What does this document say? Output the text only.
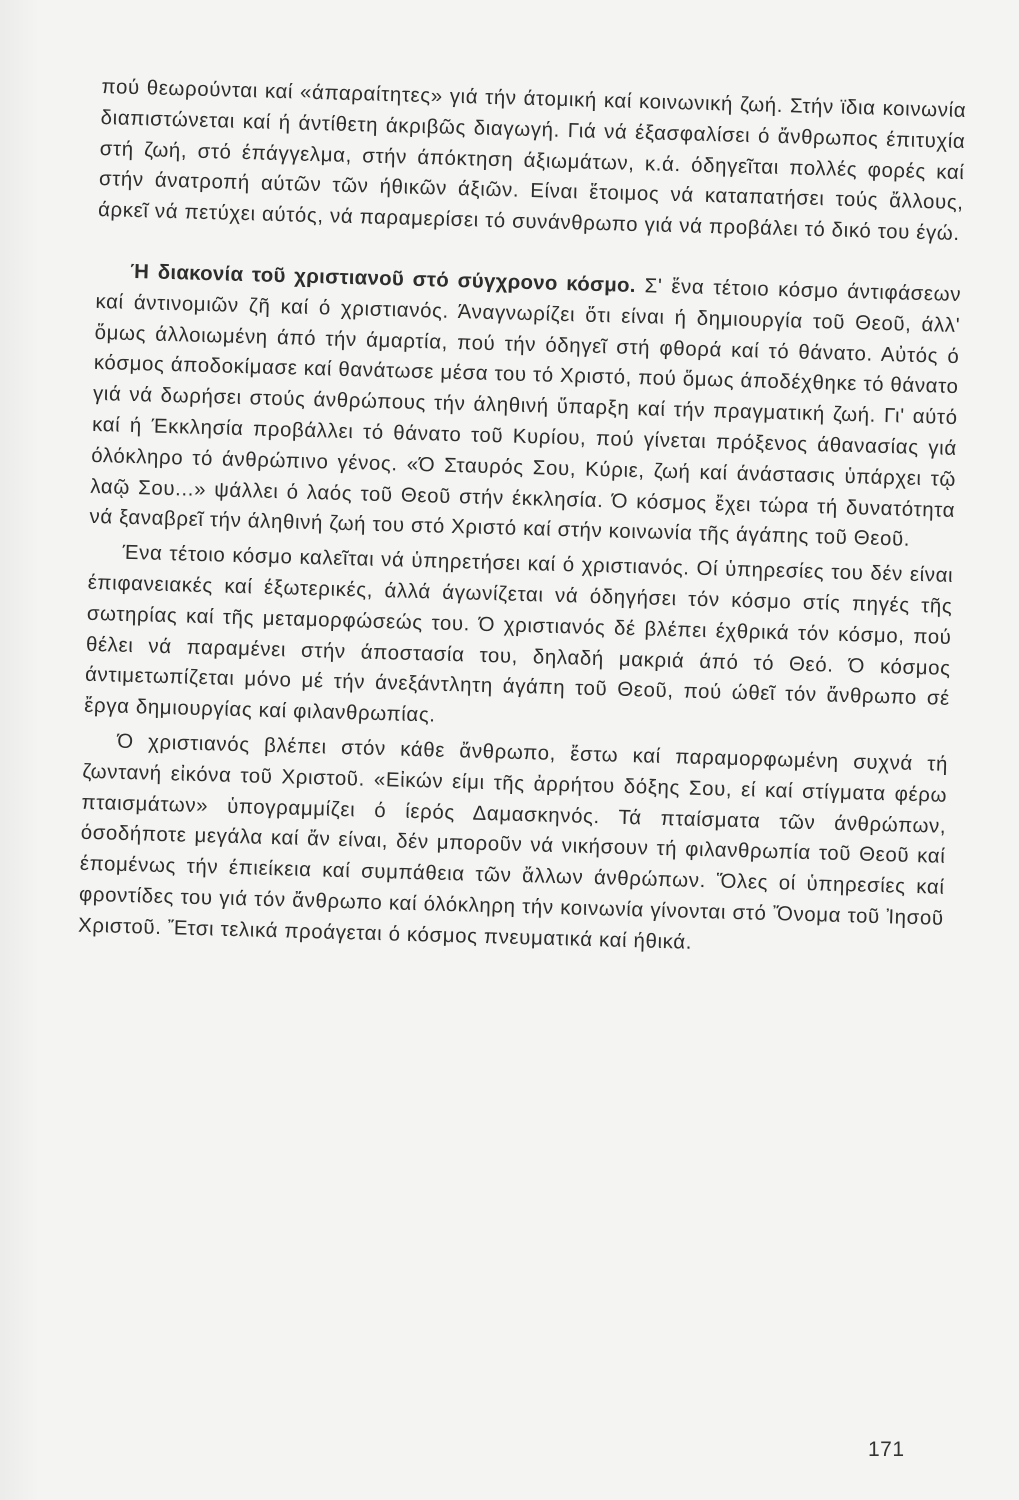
πού θεωρούνται καί «άπαραίτητες» γιά τήν άτομική καί κοινωνική ζωή. Στήν ϊδια κοινωνία διαπιστώνεται καί ή άντίθετη άκριβῶς διαγωγή. Γιά νά έξασφαλίσει ό ἄνθρωπος έπιτυχία στή ζωή, στό έπάγγελμα, στήν άπόκτηση άξιωμάτων, κ.ά. όδηγεῖται πολλές φορές καί στήν άνατροπή αύτῶν τῶν ήθικῶν άξιῶν. Είναι ἕτοιμος νά καταπατήσει τούς ἄλλους, άρκεῖ νά πετύχει αύτός, νά παραμερίσει τό συνάνθρωπο γιά νά προβάλει τό δικό του έγώ.

Ή διακονία τοῦ χριστιανοῦ στό σύγχρονο κόσμο. Σ' ἕνα τέτοιο κόσμο άντιφάσεων καί άντινομιῶν ζῆ καί ό χριστιανός. Άναγνωρίζει ὅτι είναι ή δημιουργία τοῦ Θεοῦ, άλλ' ὅμως άλλοιωμένη άπό τήν άμαρτία, πού τήν όδηγεῖ στή φθορά καί τό θάνατο. Αὐτός ό κόσμος άποδοκίμασε καί θανάτωσε μέσα του τό Χριστό, πού ὅμως άποδέχθηκε τό θάνατο γιά νά δωρήσει στούς άνθρώπους τήν άληθινή ὕπαρξη καί τήν πραγματική ζωή. Γι' αύτό καί ή Έκκλησία προβάλλει τό θάνατο τοῦ Κυρίου, πού γίνεται πρόξενος άθανασίας γιά όλόκληρο τό άνθρώπινο γένος. «Ό Σταυρός Σου, Κύριε, ζωή καί άνάστασις ὑπάρχει τῷ λαῷ Σου...» ψάλλει ό λαός τοῦ Θεοῦ στήν έκκλησία. Ό κόσμος ἔχει τώρα τή δυνατότητα νά ξαναβρεῖ τήν άληθινή ζωή του στό Χριστό καί στήν κοινωνία τῆς άγάπης τοῦ Θεοῦ.

Ένα τέτοιο κόσμο καλεῖται νά ὑπηρετήσει καί ό χριστιανός. Οί ὑπηρεσίες του δέν είναι έπιφανειακές καί έξωτερικές, άλλά άγωνίζεται νά όδηγήσει τόν κόσμο στίς πηγές τῆς σωτηρίας καί τῆς μεταμορφώσεώς του. Ό χριστιανός δέ βλέπει έχθρικά τόν κόσμο, πού θέλει νά παραμένει στήν άποστασία του, δηλαδή μακριά άπό τό Θεό. Ό κόσμος άντιμετωπίζεται μόνο μέ τήν άνεξάντλητη άγάπη τοῦ Θεοῦ, πού ώθεῖ τόν ἄνθρωπο σέ ἔργα δημιουργίας καί φιλανθρωπίας.

Ό χριστιανός βλέπει στόν κάθε ἄνθρωπο, ἔστω καί παραμορφωμένη συχνά τή ζωντανή εἰκόνα τοῦ Χριστοῦ. «Εἰκών είμι τῆς ἀρρήτου δόξης Σου, εί καί στίγματα φέρω πταισμάτων» ὑπογραμμίζει ό ίερός Δαμασκηνός. Τά πταίσματα τῶν άνθρώπων, όσοδήποτε μεγάλα καί ἄν είναι, δέν μποροῦν νά νικήσουν τή φιλανθρωπία τοῦ Θεοῦ καί έπομένως τήν έπιείκεια καί συμπάθεια τῶν ἄλλων άνθρώπων. Ὅλες οί ὑπηρεσίες καί φροντίδες του γιά τόν ἄνθρωπο καί όλόκληρη τήν κοινωνία γίνονται στό Ὄνομα τοῦ Ἰησοῦ Χριστοῦ. Ἔτσι τελικά προάγεται ό κόσμος πνευματικά καί ήθικά.

171
